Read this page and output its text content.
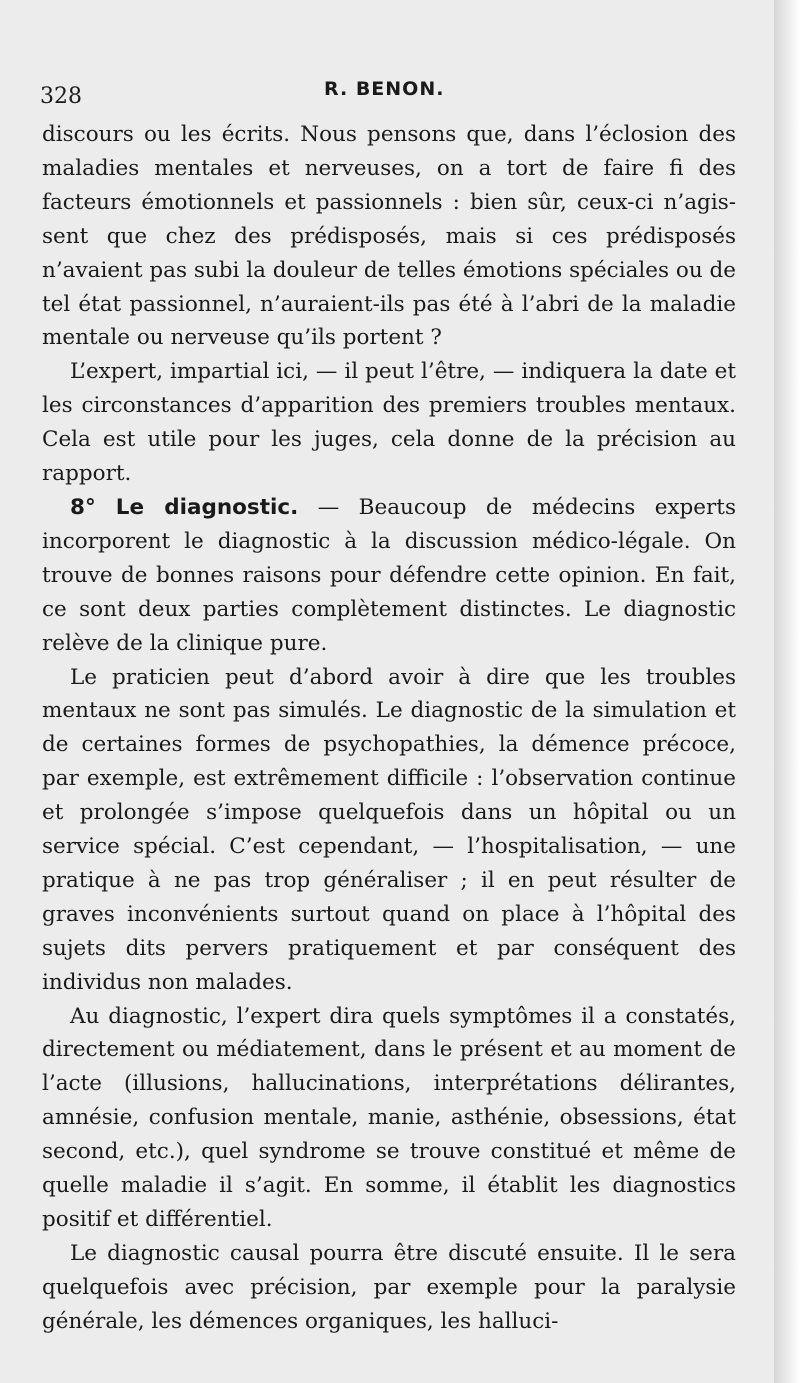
328	R. BENON.

discours ou les écrits. Nous pensons que, dans l’éclosion des maladies mentales et nerveuses, on a tort de faire fi des facteurs émotionnels et passionnels : bien sûr, ceux-ci n’agissent que chez des prédisposés, mais si ces prédisposés n’avaient pas subi la douleur de telles émotions spéciales ou de tel état passionnel, n’auraient-ils pas été à l’abri de la maladie mentale ou nerveuse qu’ils portent ?

L’expert, impartial ici, — il peut l’être, — indiquera la date et les circonstances d’apparition des premiers troubles mentaux. Cela est utile pour les juges, cela donne de la précision au rapport.

8° Le diagnostic. — Beaucoup de médecins experts incorporent le diagnostic à la discussion médico-légale. On trouve de bonnes raisons pour défendre cette opinion. En fait, ce sont deux parties complètement distinctes. Le diagnostic relève de la clinique pure.

Le praticien peut d’abord avoir à dire que les troubles mentaux ne sont pas simulés. Le diagnostic de la simulation et de certaines formes de psychopathies, la démence précoce, par exemple, est extrêmement difficile : l’observation continue et prolongée s’impose quelquefois dans un hôpital ou un service spécial. C’est cependant, — l’hospitalisation, — une pratique à ne pas trop généraliser ; il en peut résulter de graves inconvénients surtout quand on place à l’hôpital des sujets dits pervers pratiquement et par conséquent des individus non malades.

Au diagnostic, l’expert dira quels symptômes il a constatés, directement ou médiatement, dans le présent et au moment de l’acte (illusions, hallucinations, interprétations délirantes, amnésie, confusion mentale, manie, asthénie, obsessions, état second, etc.), quel syndrome se trouve constitué et même de quelle maladie il s’agit. En somme, il établit les diagnostics positif et différentiel.

Le diagnostic causal pourra être discuté ensuite. Il le sera quelquefois avec précision, par exemple pour la paralysie générale, les démences organiques, les halluci-
